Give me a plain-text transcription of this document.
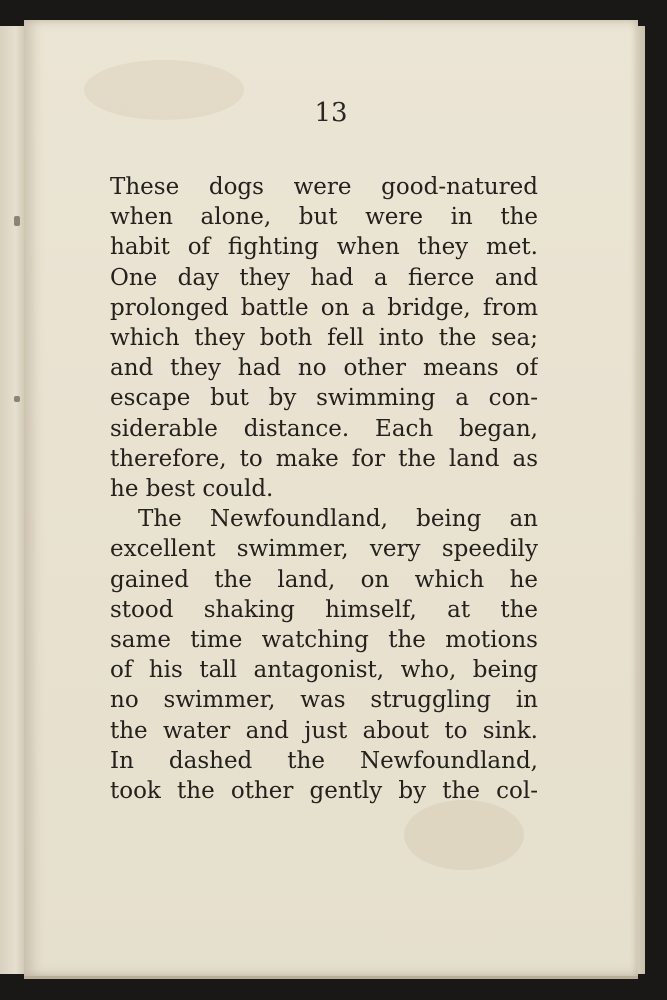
13
These dogs were good-natured
when alone, but were in the
habit of fighting when they met.
One day they had a fierce and
prolonged battle on a bridge, from
which they both fell into the sea;
and they had no other means of
escape but by swimming a con-
siderable distance. Each began,
therefore, to make for the land as
he best could.
The Newfoundland, being an
excellent swimmer, very speedily
gained the land, on which he
stood shaking himself, at the
same time watching the motions
of his tall antagonist, who, being
no swimmer, was struggling in
the water and just about to sink.
In dashed the Newfoundland,
took the other gently by the col-
